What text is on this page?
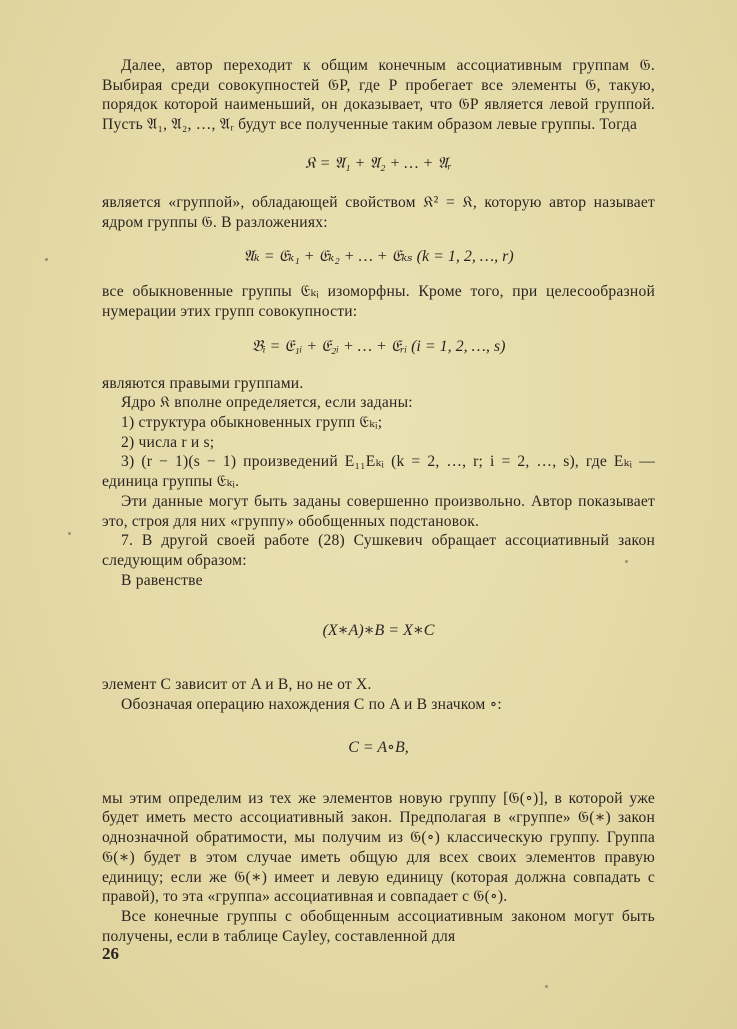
Далее, автор переходит к общим конечным ассоциативным группам 𝔊. Выбирая среди совокупностей 𝔊P, где P пробегает все элементы 𝔊, такую, порядок которой наименьший, он доказывает, что 𝔊P является левой группой. Пусть 𝔄₁, 𝔄₂, …, 𝔄ᵣ будут все полученные таким образом левые группы. Тогда

𝔎 = 𝔄₁ + 𝔄₂ + … + 𝔄ᵣ

является «группой», обладающей свойством 𝔎² = 𝔎, которую автор называет ядром группы 𝔊. В разложениях:

𝔄ₖ = 𝔈ₖ₁ + 𝔈ₖ₂ + … + 𝔈ₖₛ (k = 1, 2, …, r)

все обыкновенные группы 𝔈ₖᵢ изоморфны. Кроме того, при целесообразной нумерации этих групп совокупности:

𝔅ᵢ = 𝔈₁ᵢ + 𝔈₂ᵢ + … + 𝔈ᵣᵢ (i = 1, 2, …, s)

являются правыми группами.

Ядро 𝔎 вполне определяется, если заданы:

1) структура обыкновенных групп 𝔈ₖᵢ;

2) числа r и s;

3) (r − 1)(s − 1) произведений E₁₁Eₖᵢ (k = 2, …, r; i = 2, …, s), где Eₖᵢ — единица группы 𝔈ₖᵢ.

Эти данные могут быть заданы совершенно произвольно. Автор показывает это, строя для них «группу» обобщенных подстановок.

7. В другой своей работе (28) Сушкевич обращает ассоциативный закон следующим образом:

В равенстве

(X∗A)∗B = X∗C

элемент C зависит от A и B, но не от X.

Обозначая операцию нахождения C по A и B значком ∘:

C = A∘B,

мы этим определим из тех же элементов новую группу [𝔊(∘)], в которой уже будет иметь место ассоциативный закон. Предполагая в «группе» 𝔊(∗) закон однозначной обратимости, мы получим из 𝔊(∘) классическую группу. Группа 𝔊(∗) будет в этом случае иметь общую для всех своих элементов правую единицу; если же 𝔊(∗) имеет и левую единицу (которая должна совпадать с правой), то эта «группа» ассоциативная и совпадает с 𝔊(∘).

Все конечные группы с обобщенным ассоциативным законом могут быть получены, если в таблице Cayley, составленной для

26
